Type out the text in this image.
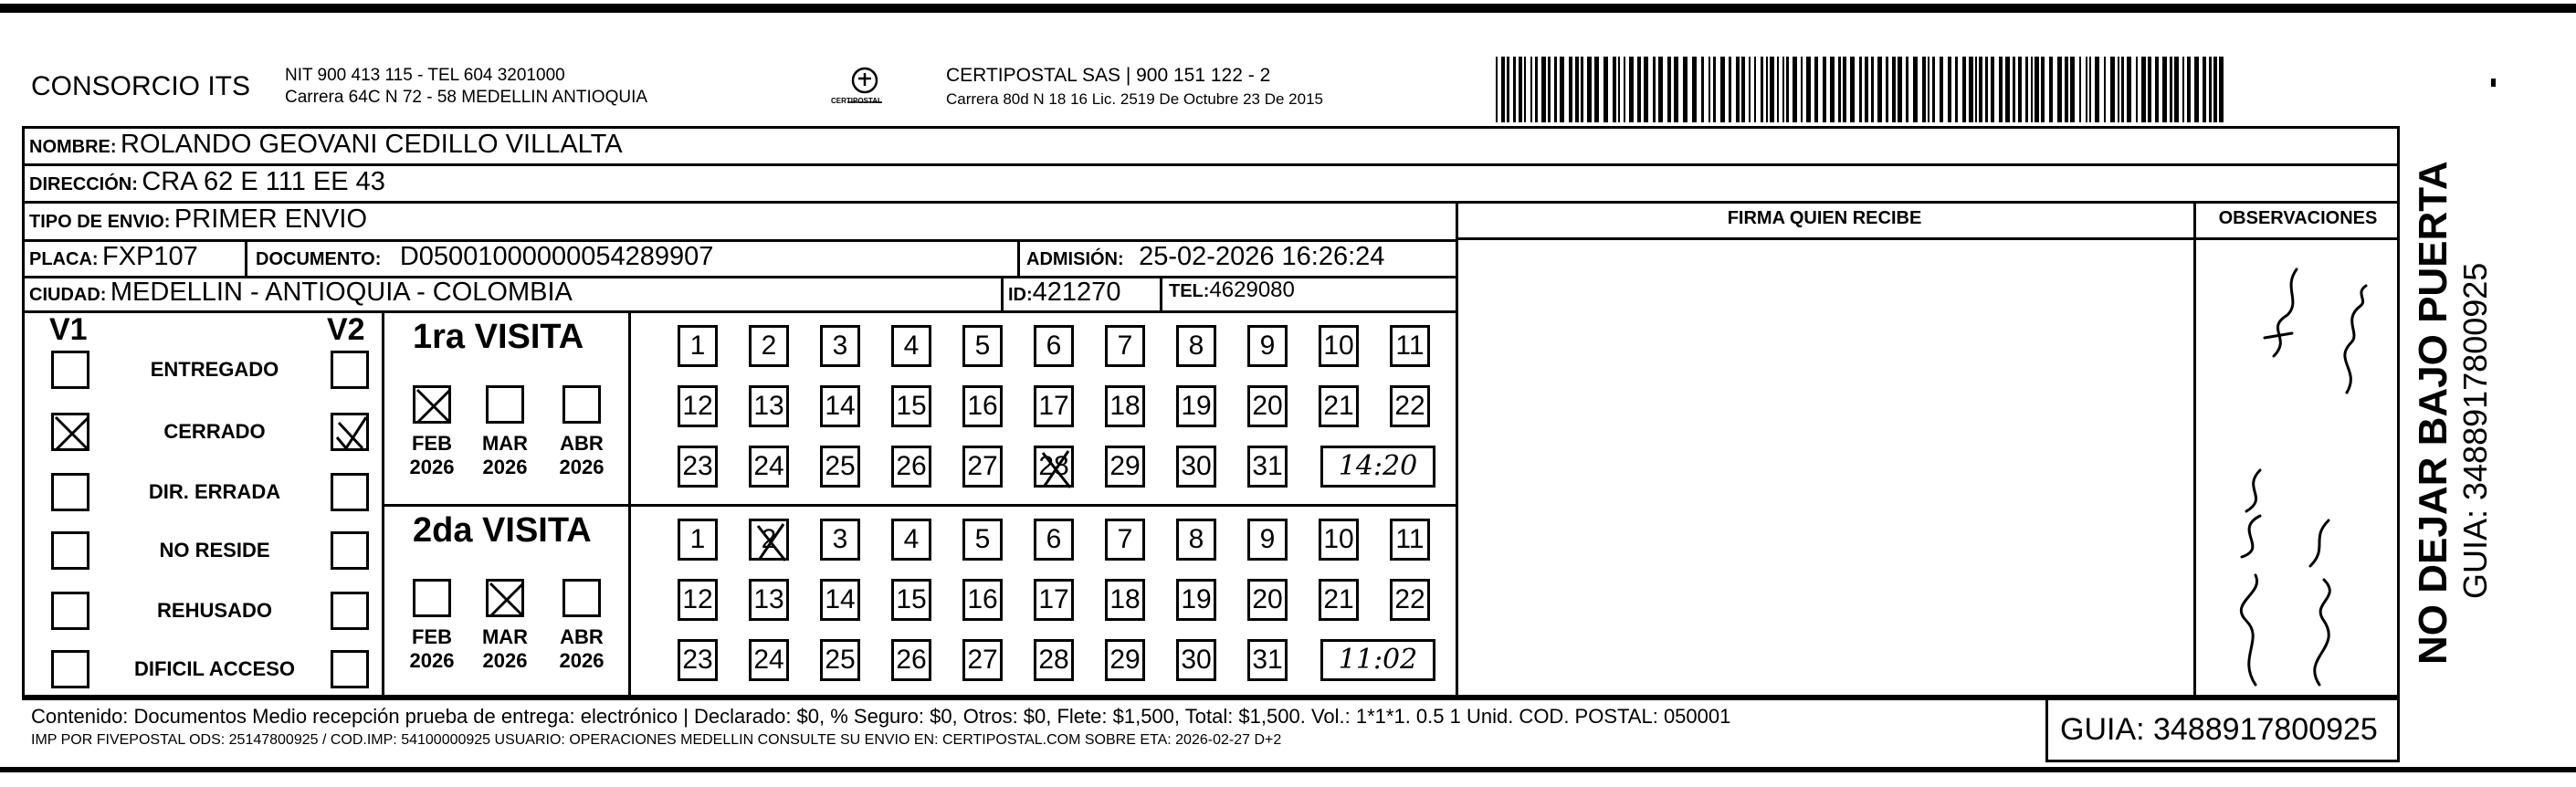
CONSORCIO ITS NIT 900 413 115 - TEL 604 3201000
Carrera 64C N 72 - 58 MEDELLIN ANTIOQUIA	CERTIPOSTAL
CERTIPOSTAL SAS | 900 151 122 - 2
Carrera 80d N 18 16 Lic. 2519 De Octubre 23 De 2015
NOMBRE: ROLANDO GEOVANI CEDILLO VILLALTA
DIRECCIÓN: CRA 62 E 111 EE 43
TIPO DE ENVIO: PRIMER ENVIO	FIRMA QUIEN RECIBE	OBSERVACIONES
PLACA: FXP107	DOCUMENTO: D05001000000054289907	ADMISIÓN: 25-02-2026 16:26:24
CIUDAD: MEDELLIN - ANTIOQUIA - COLOMBIA	ID:421270	TEL:4629080
V1	V2
ENTREGADO
CERRADO
DIR. ERRADA
NO RESIDE
REHUSADO
DIFICIL ACCESO
1ra VISITA
2da VISITA
FEB
2026
MAR
2026
ABR
2026
1	2	3	4	5	6	7	8	9	10 11
12 13 14 15 16 17 18 19 20 21 22
23 24 25 26 27 28 29 30 31	14:20
FEB
2026
MAR
2026
ABR
2026
1	2	3	4	5	6	7	8	9	10 11
12 13 14 15 16 17 18 19 20 21 22
23 24 25 26 27 28 29 30 31	11:02
Contenido: Documentos Medio recepción prueba de entrega: electrónico | Declarado: $0, % Seguro: $0, Otros: $0, Flete: $1,500, Total: $1,500. Vol.: 1*1*1. 0.5 1 Unid. COD. POSTAL: 050001
IMP POR FIVEPOSTAL ODS: 25147800925 / COD.IMP: 54100000925 USUARIO: OPERACIONES MEDELLIN CONSULTE SU ENVIO EN: CERTIPOSTAL.COM SOBRE ETA: 2026-02-27 D+2	GUIA: 3488917800925
NO DEJAR BAJO PUERTA GUIA: 3488917800925
